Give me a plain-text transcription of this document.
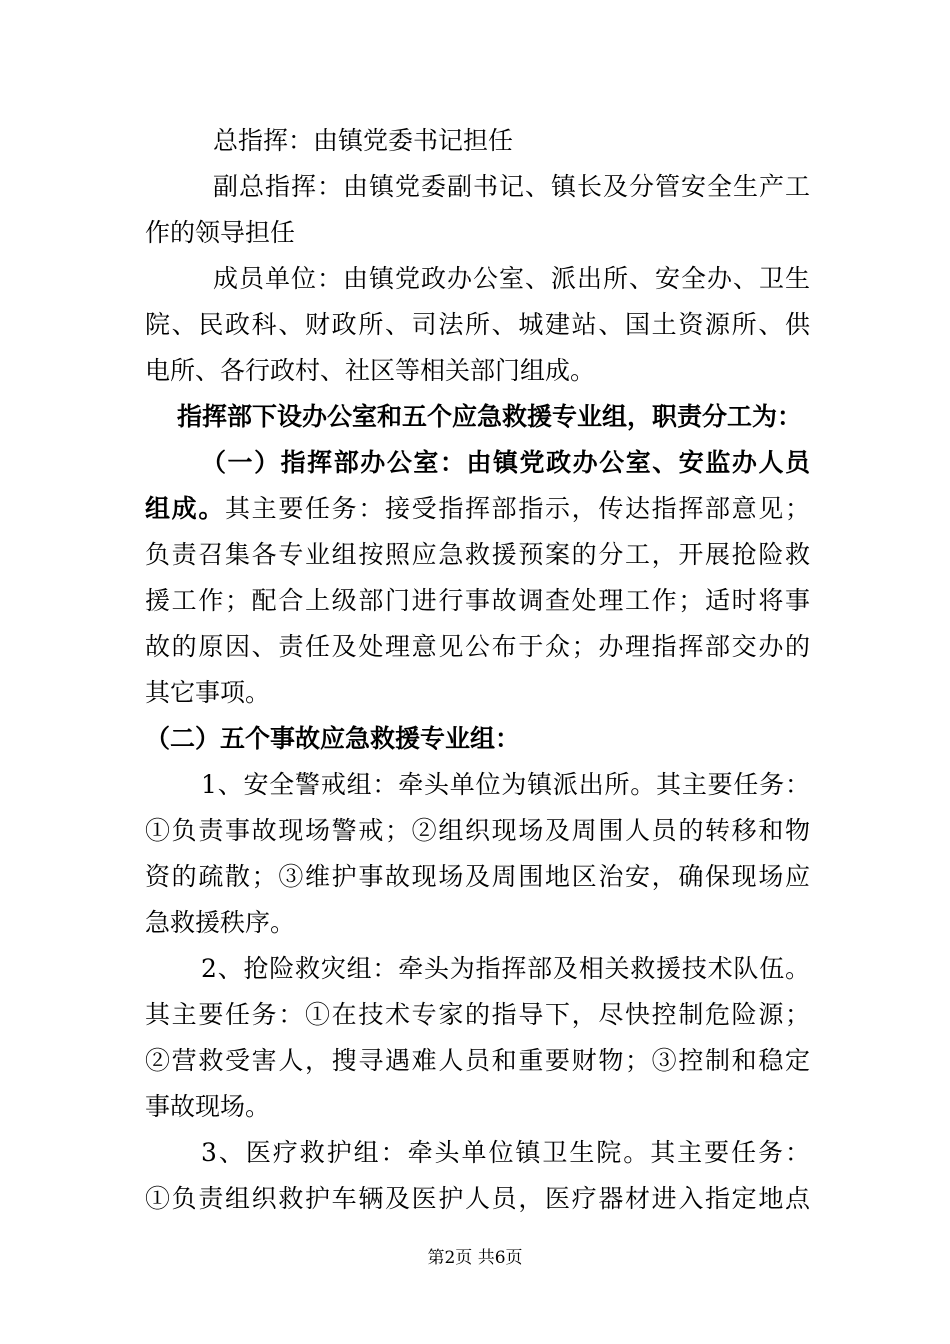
总指挥：由镇党委书记担任
副总指挥：由镇党委副书记、镇长及分管安全生产工
作的领导担任
成员单位：由镇党政办公室、派出所、安全办、卫生
院、民政科、财政所、司法所、城建站、国土资源所、供
电所、各行政村、社区等相关部门组成。
指挥部下设办公室和五个应急救援专业组，职责分工为：
（一）指挥部办公室：由镇党政办公室、安监办人员
组成。其主要任务：接受指挥部指示，传达指挥部意见；
负责召集各专业组按照应急救援预案的分工，开展抢险救
援工作；配合上级部门进行事故调查处理工作；适时将事
故的原因、责任及处理意见公布于众；办理指挥部交办的
其它事项。
（二）五个事故应急救援专业组：
1、安全警戒组：牵头单位为镇派出所。其主要任务：
①负责事故现场警戒；②组织现场及周围人员的转移和物
资的疏散；③维护事故现场及周围地区治安，确保现场应
急救援秩序。
2、抢险救灾组：牵头为指挥部及相关救援技术队伍。
其主要任务：①在技术专家的指导下，尽快控制危险源；
②营救受害人，搜寻遇难人员和重要财物；③控制和稳定
事故现场。
3、医疗救护组：牵头单位镇卫生院。其主要任务：
①负责组织救护车辆及医护人员，医疗器材进入指定地点
第2页 共6页
